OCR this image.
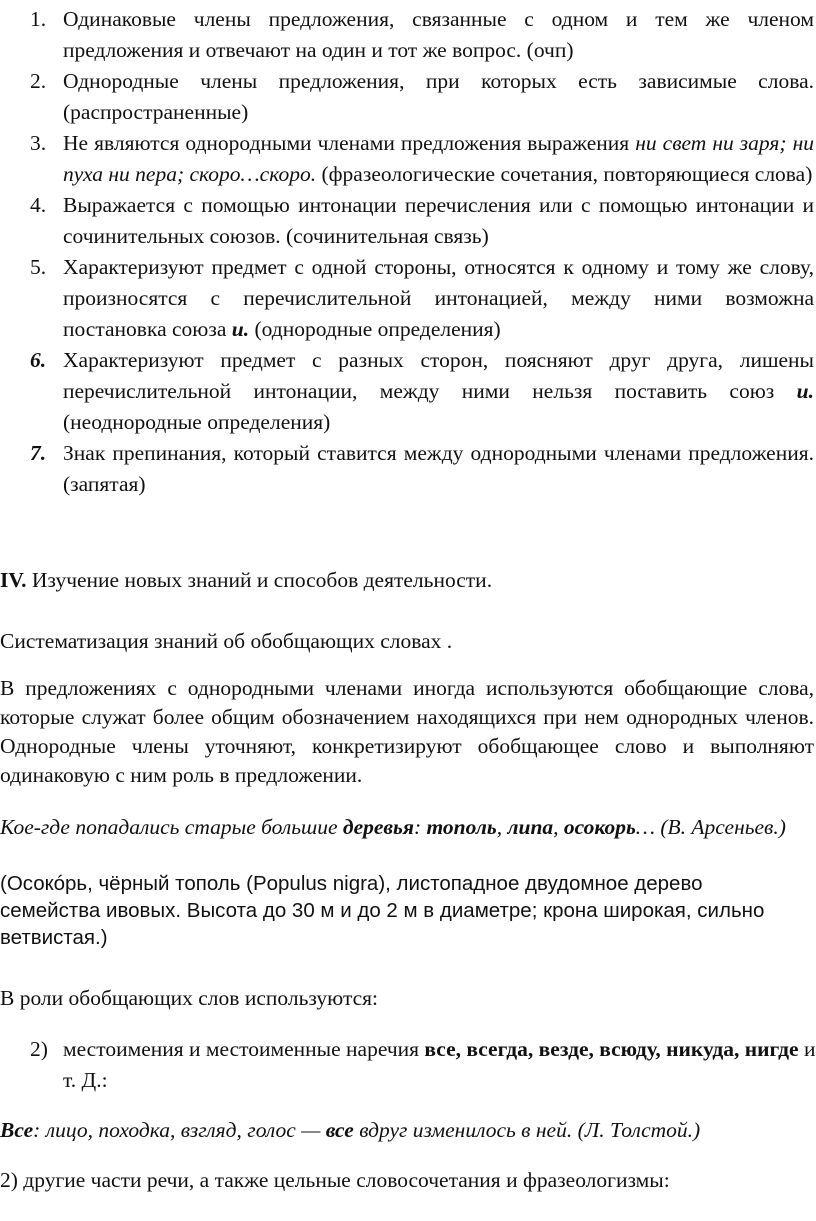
1. Одинаковые члены предложения, связанные с одном и тем же членом предложения и отвечают на один и тот же вопрос. (очп)
2. Однородные члены предложения, при которых есть зависимые слова. (распространенные)
3. Не являются однородными членами предложения выражения ни свет ни заря; ни пуха ни пера; скоро…скоро. (фразеологические сочетания, повторяющиеся слова)
4. Выражается с помощью интонации перечисления или с помощью интонации и сочинительных союзов. (сочинительная связь)
5. Характеризуют предмет с одной стороны, относятся к одному и тому же слову, произносятся с перечислительной интонацией, между ними возможна постановка союза и. (однородные определения)
6. Характеризуют предмет с разных сторон, поясняют друг друга, лишены перечислительной интонации, между ними нельзя поставить союз и. (неоднородные определения)
7. Знак препинания, который ставится между однородными членами предложения. (запятая)

IV. Изучение новых знаний и способов деятельности.

Систематизация знаний об обобщающих словах .

В предложениях с однородными членами иногда используются обобщающие слова, которые служат более общим обозначением находящихся при нем однородных членов. Однородные члены уточняют, конкретизируют обобщающее слово и выполняют одинаковую с ним роль в предложении.

Кое-где попадались старые большие деревья: тополь, липа, осокорь… (В. Арсеньев.)

(Осокóрь, чёрный тополь (Populus nigra), листопадное двудомное дерево семейства ивовых. Высота до 30 м и до 2 м в диаметре; крона широкая, сильно ветвистая.)

В роли обобщающих слов используются:

2) местоимения и местоименные наречия все, всегда, везде, всюду, никуда, нигде и т. Д.:

Все: лицо, походка, взгляд, голос — все вдруг изменилось в ней. (Л. Толстой.)

2) другие части речи, а также цельные словосочетания и фразеологизмы:
